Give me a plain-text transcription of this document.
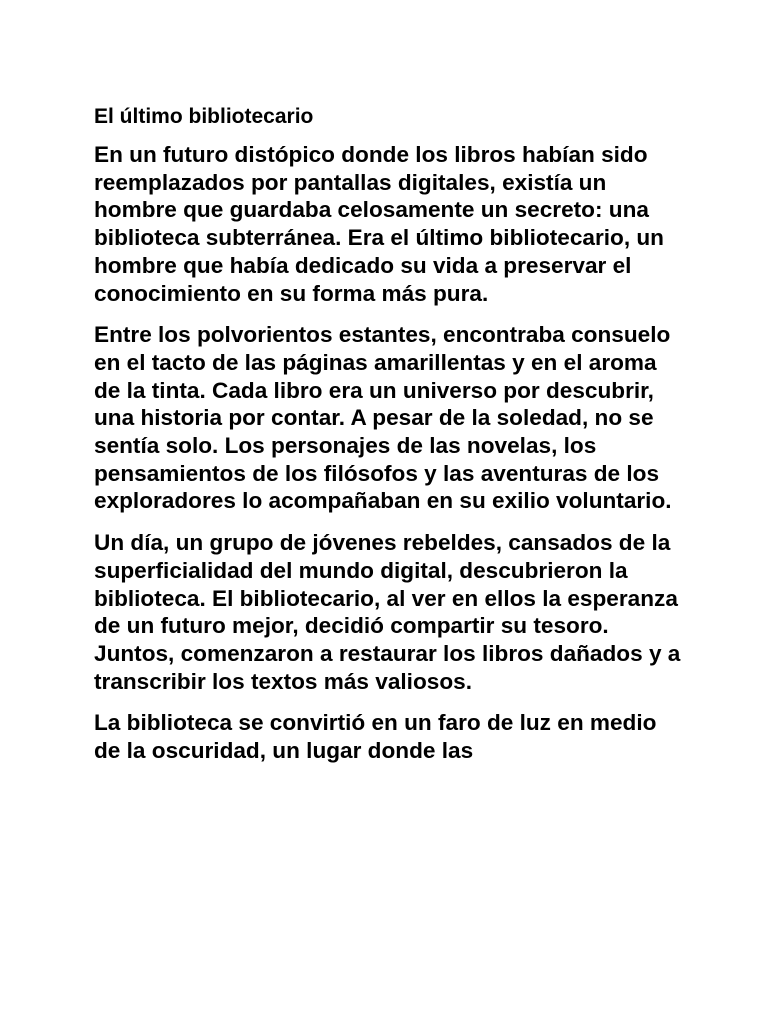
El último bibliotecario

En un futuro distópico donde los libros habían sido reemplazados por pantallas digitales, existía un hombre que guardaba celosamente un secreto: una biblioteca subterránea. Era el último bibliotecario, un hombre que había dedicado su vida a preservar el conocimiento en su forma más pura.

Entre los polvorientos estantes, encontraba consuelo en el tacto de las páginas amarillentas y en el aroma de la tinta. Cada libro era un universo por descubrir, una historia por contar. A pesar de la soledad, no se sentía solo. Los personajes de las novelas, los pensamientos de los filósofos y las aventuras de los exploradores lo acompañaban en su exilio voluntario.

Un día, un grupo de jóvenes rebeldes, cansados de la superficialidad del mundo digital, descubrieron la biblioteca. El bibliotecario, al ver en ellos la esperanza de un futuro mejor, decidió compartir su tesoro. Juntos, comenzaron a restaurar los libros dañados y a transcribir los textos más valiosos.

La biblioteca se convirtió en un faro de luz en medio de la oscuridad, un lugar donde las
